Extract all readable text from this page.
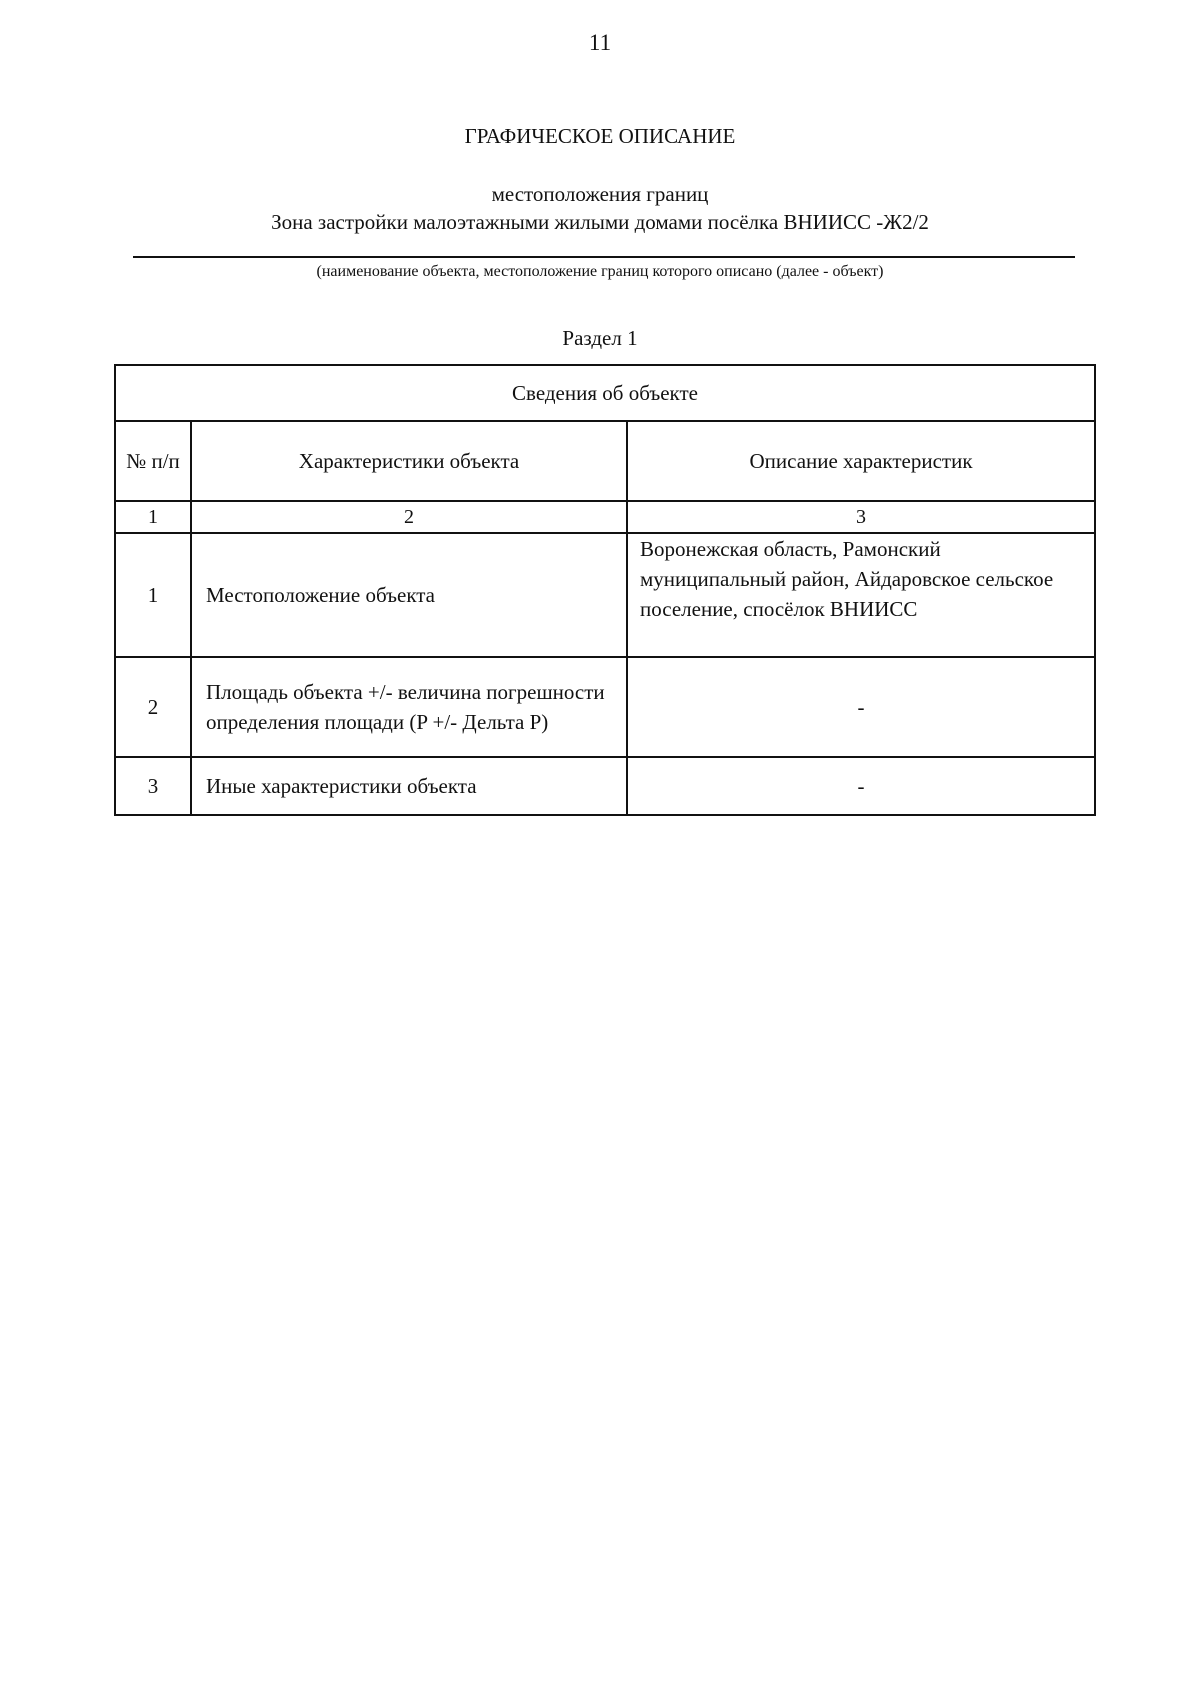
11
ГРАФИЧЕСКОЕ ОПИСАНИЕ
местоположения границ
Зона застройки малоэтажными жилыми домами посёлка ВНИИСС -Ж2/2
(наименование объекта, местоположение границ которого описано (далее - объект)
Раздел 1
Сведения об объекте		
№ п/п	Характеристики объекта	Описание характеристик
1	2	3
1	Местоположение объекта	Воронежская область, Рамонский муниципальный район, Айдаровское сельское поселение, спосёлок ВНИИСС
2	Площадь объекта +/- величина погрешности определения площади (P +/- Дельта P)	-
3	Иные характеристики объекта	-
